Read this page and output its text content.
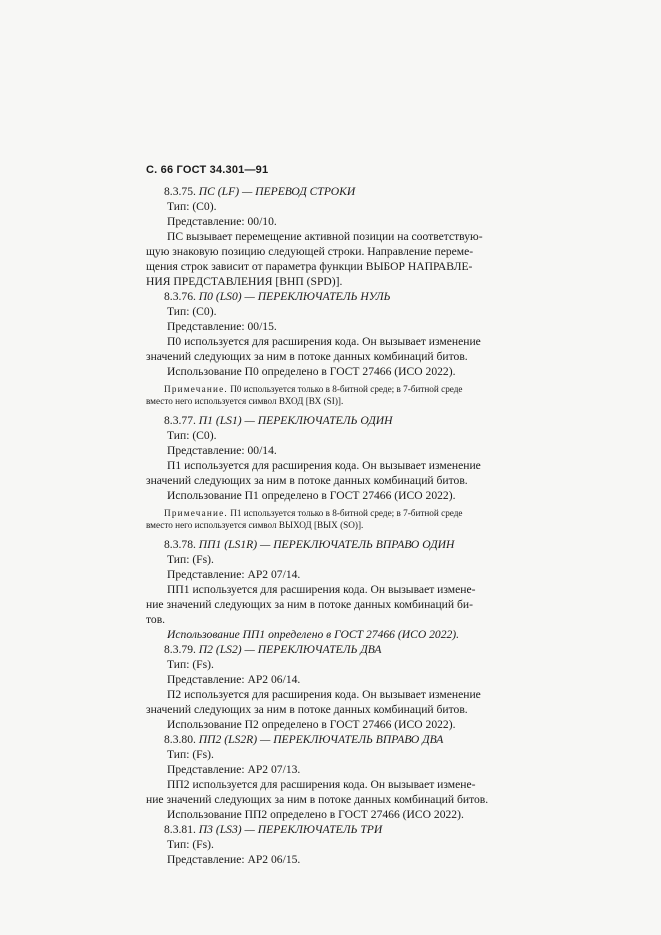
С. 66 ГОСТ 34.301—91
8.3.75. ПС (LF) — ПЕРЕВОД СТРОКИ
Тип: (С0).
Представление: 00/10.
ПС вызывает перемещение активной позиции на соответствую-
щую знаковую позицию следующей строки. Направление переме-
щения строк зависит от параметра функции ВЫБОР НАПРАВЛЕ-
НИЯ ПРЕДСТАВЛЕНИЯ [ВНП (SPD)].
8.3.76. П0 (LS0) — ПЕРЕКЛЮЧАТЕЛЬ НУЛЬ
Тип: (С0).
Представление: 00/15.
П0 используется для расширения кода. Он вызывает изменение
значений следующих за ним в потоке данных комбинаций битов.
Использование П0 определено в ГОСТ 27466 (ИСО 2022).
Примечание. П0 используется только в 8-битной среде; в 7-битной среде
вместо него используется символ ВХОД [ВХ (SI)].
8.3.77. П1 (LS1) — ПЕРЕКЛЮЧАТЕЛЬ ОДИН
Тип: (С0).
Представление: 00/14.
П1 используется для расширения кода. Он вызывает изменение
значений следующих за ним в потоке данных комбинаций битов.
Использование П1 определено в ГОСТ 27466 (ИСО 2022).
Примечание. П1 используется только в 8-битной среде; в 7-битной среде
вместо него используется символ ВЫХОД [ВЫХ (SO)].
8.3.78. ПП1 (LS1R) — ПЕРЕКЛЮЧАТЕЛЬ ВПРАВО ОДИН
Тип: (Fs).
Представление: АР2 07/14.
ПП1 используется для расширения кода. Он вызывает измене-
ние значений следующих за ним в потоке данных комбинаций би-
тов.
Использование ПП1 определено в ГОСТ 27466 (ИСО 2022).
8.3.79. П2 (LS2) — ПЕРЕКЛЮЧАТЕЛЬ ДВА
Тип: (Fs).
Представление: АР2 06/14.
П2 используется для расширения кода. Он вызывает изменение
значений следующих за ним в потоке данных комбинаций битов.
Использование П2 определено в ГОСТ 27466 (ИСО 2022).
8.3.80. ПП2 (LS2R) — ПЕРЕКЛЮЧАТЕЛЬ ВПРАВО ДВА
Тип: (Fs).
Представление: АР2 07/13.
ПП2 используется для расширения кода. Он вызывает измене-
ние значений следующих за ним в потоке данных комбинаций битов.
Использование ПП2 определено в ГОСТ 27466 (ИСО 2022).
8.3.81. П3 (LS3) — ПЕРЕКЛЮЧАТЕЛЬ ТРИ
Тип: (Fs).
Представление: АР2 06/15.
